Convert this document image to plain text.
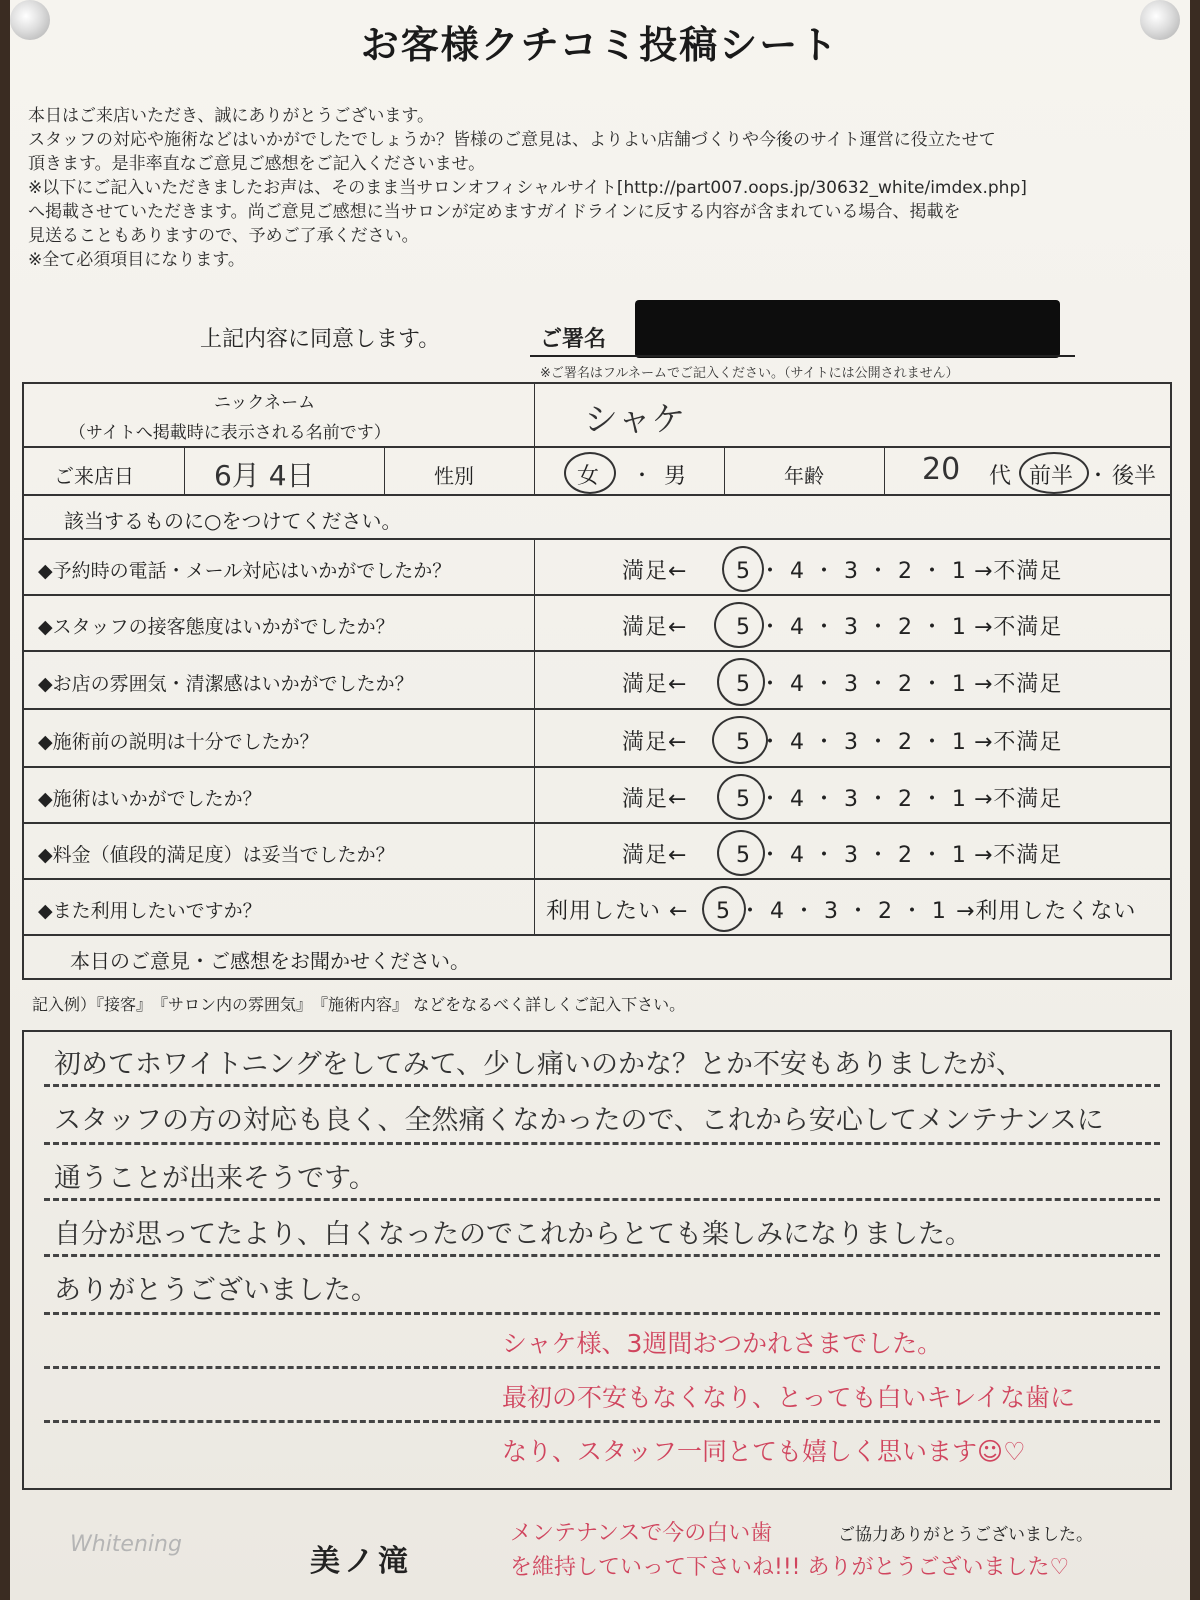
お客様クチコミ投稿シート
本日はご来店いただき、誠にありがとうございます。
スタッフの対応や施術などはいかがでしたでしょうか？皆様のご意見は、よりよい店舗づくりや今後のサイト運営に役立たせて
頂きます。是非率直なご意見ご感想をご記入くださいませ。
※以下にご記入いただきましたお声は、そのまま当サロンオフィシャルサイト[http://part007.oops.jp/30632_white/imdex.php]
へ掲載させていただきます。尚ご意見ご感想に当サロンが定めますガイドラインに反する内容が含まれている場合、掲載を
見送ることもありますので、予めご了承ください。
※全て必須項目になります。
上記内容に同意します。	ご署名
※ご署名はフルネームでご記入ください。（サイトには公開されません）
ニックネーム
（サイトへ掲載時に表示される名前です）	シャケ
ご来店日	6月 4日	性別	女 ・ 男	年齢	20 代 前半 ・ 後半
該当するものに○をつけてください。
◆予約時の電話・メール対応はいかがでしたか？	満足← 5 ・ 4 ・ 3 ・ 2 ・ 1 →不満足
◆スタッフの接客態度はいかがでしたか？	満足← 5 ・ 4 ・ 3 ・ 2 ・ 1 →不満足
◆お店の雰囲気・清潔感はいかがでしたか？	満足← 5 ・ 4 ・ 3 ・ 2 ・ 1 →不満足
◆施術前の説明は十分でしたか？	満足← 5 ・ 4 ・ 3 ・ 2 ・ 1 →不満足
◆施術はいかがでしたか？	満足← 5 ・ 4 ・ 3 ・ 2 ・ 1 →不満足
◆料金（値段的満足度）は妥当でしたか？	満足← 5 ・ 4 ・ 3 ・ 2 ・ 1 →不満足
◆また利用したいですか？	利用したい ← 5 ・ 4 ・ 3 ・ 2 ・ 1 →利用したくない
本日のご意見・ご感想をお聞かせください。
記入例）『接客』　『サロン内の雰囲気』　『施術内容』 などをなるべく詳しくご記入下さい。
初めてホワイトニングをしてみて、少し痛いのかな？とか不安もありましたが、
スタッフの方の対応も良く、全然痛くなかったので、これから安心してメンテナンスに
通うことが出来そうです。
自分が思ってたより、白くなったのでこれからとても楽しみになりました。
ありがとうございました。
シャケ様、3週間おつかれさまでした。
最初の不安もなくなり、とっても白いキレイな歯に
なり、スタッフ一同とても嬉しく思います☺♡
Whitening	美ノ滝
メンテナンスで今の白い歯
を維持していって下さいね!!! ありがとうございました♡
ご協力ありがとうございました。
